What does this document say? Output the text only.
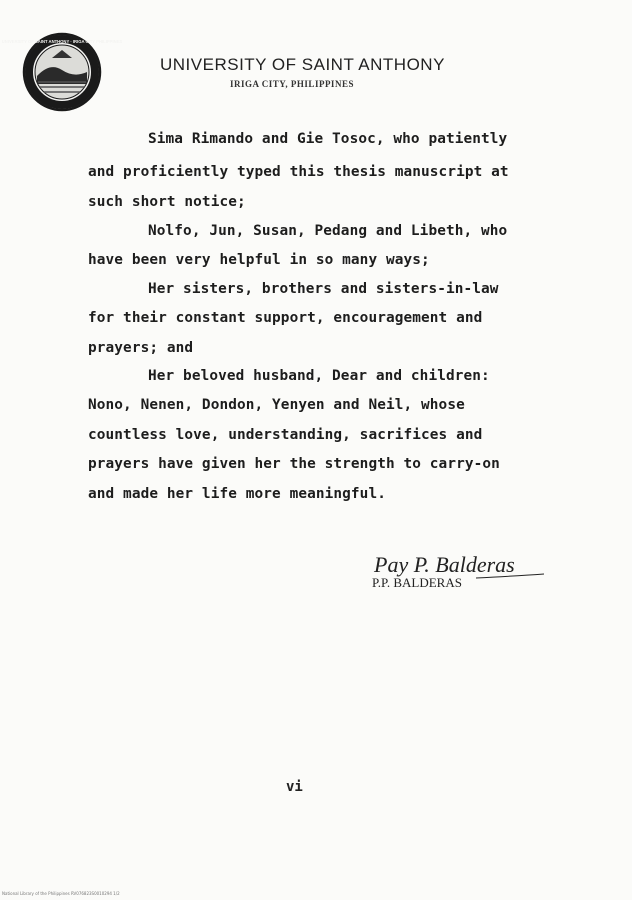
UNIVERSITY OF SAINT ANTHONY · IRIGA CITY PHILIPPINES
UNIVERSITY OF SAINT ANTHONY
IRIGA CITY, PHILIPPINES
Sima Rimando and Gie Tosoc, who patiently
and proficiently typed this thesis manuscript at
such short notice;
Nolfo, Jun, Susan, Pedang and Libeth, who
have been very helpful in so many ways;
Her sisters, brothers and sisters-in-law
for their constant support, encouragement and
prayers; and
Her beloved husband, Dear and children:
Nono, Nenen, Dondon, Yenyen and Neil, whose
countless love, understanding, sacrifices and
prayers have given her the strength to carry-on
and made her life more meaningful.
Pay P. Balderas
P.P. BALDERAS
vi
National Library of the Philippines RV076823S0010294 1/2
